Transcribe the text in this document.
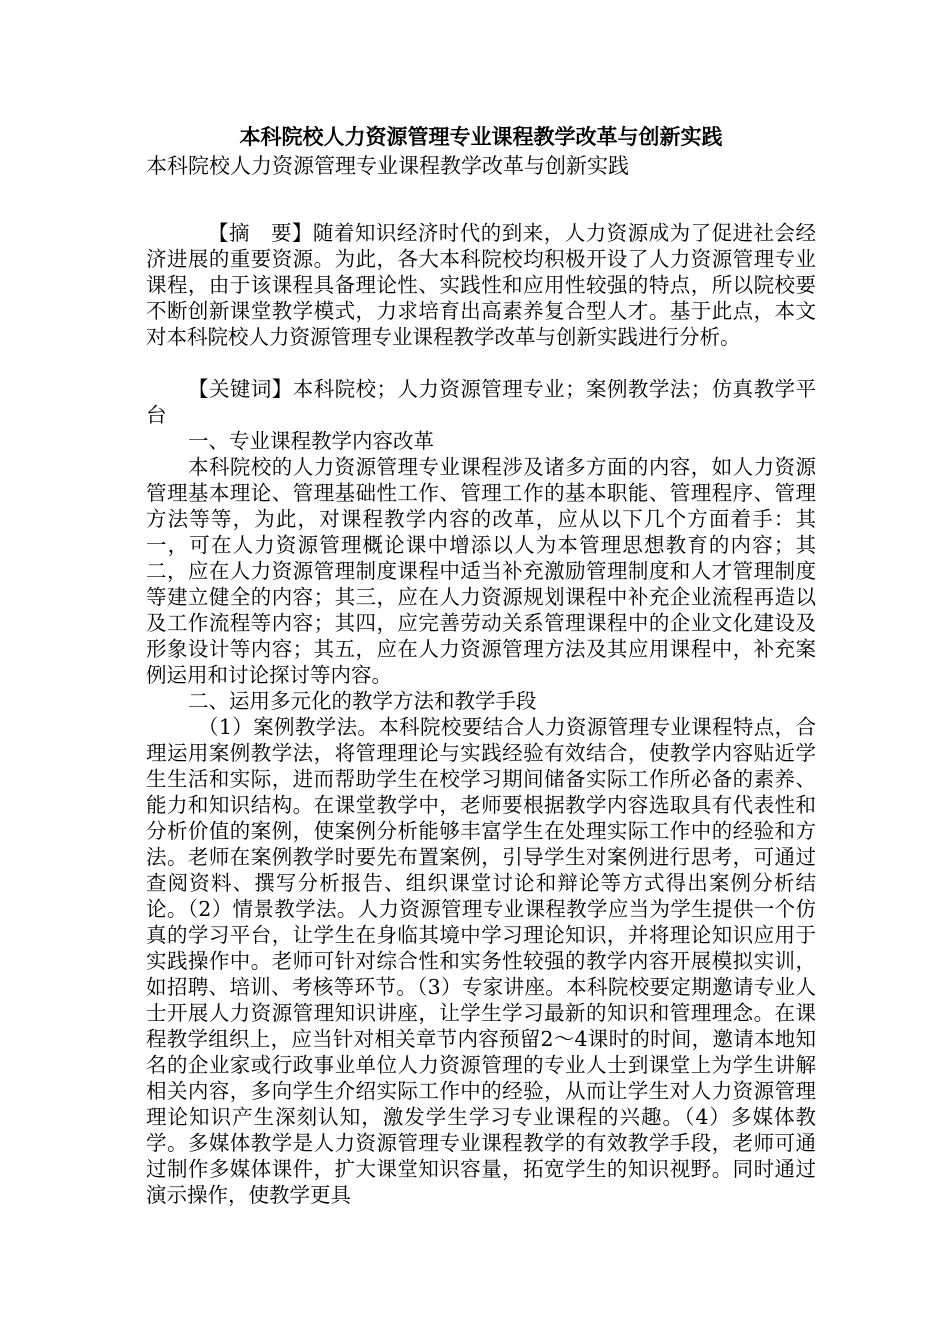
本科院校人力资源管理专业课程教学改革与创新实践

本科院校人力资源管理专业课程教学改革与创新实践

【摘　要】随着知识经济时代的到来，人力资源成为了促进社会经济进展的重要资源。为此，各大本科院校均积极开设了人力资源管理专业课程，由于该课程具备理论性、实践性和应用性较强的特点，所以院校要不断创新课堂教学模式，力求培育出高素养复合型人才。基于此点，本文对本科院校人力资源管理专业课程教学改革与创新实践进行分析。

【关键词】本科院校；人力资源管理专业；案例教学法；仿真教学平台

一、专业课程教学内容改革

本科院校的人力资源管理专业课程涉及诸多方面的内容，如人力资源管理基本理论、管理基础性工作、管理工作的基本职能、管理程序、管理方法等等，为此，对课程教学内容的改革，应从以下几个方面着手：其一，可在人力资源管理概论课中增添以人为本管理思想教育的内容；其二，应在人力资源管理制度课程中适当补充激励管理制度和人才管理制度等建立健全的内容；其三，应在人力资源规划课程中补充企业流程再造以及工作流程等内容；其四，应完善劳动关系管理课程中的企业文化建设及形象设计等内容；其五，应在人力资源管理方法及其应用课程中，补充案例运用和讨论探讨等内容。

二、运用多元化的教学方法和教学手段

（1）案例教学法。本科院校要结合人力资源管理专业课程特点，合理运用案例教学法，将管理理论与实践经验有效结合，使教学内容贴近学生生活和实际，进而帮助学生在校学习期间储备实际工作所必备的素养、能力和知识结构。在课堂教学中，老师要根据教学内容选取具有代表性和分析价值的案例，使案例分析能够丰富学生在处理实际工作中的经验和方法。老师在案例教学时要先布置案例，引导学生对案例进行思考，可通过查阅资料、撰写分析报告、组织课堂讨论和辩论等方式得出案例分析结论。（2）情景教学法。人力资源管理专业课程教学应当为学生提供一个仿真的学习平台，让学生在身临其境中学习理论知识，并将理论知识应用于实践操作中。老师可针对综合性和实务性较强的教学内容开展模拟实训，如招聘、培训、考核等环节。（3）专家讲座。本科院校要定期邀请专业人士开展人力资源管理知识讲座，让学生学习最新的知识和管理理念。在课程教学组织上，应当针对相关章节内容预留2～4课时的时间，邀请本地知名的企业家或行政事业单位人力资源管理的专业人士到课堂上为学生讲解相关内容，多向学生介绍实际工作中的经验，从而让学生对人力资源管理理论知识产生深刻认知，激发学生学习专业课程的兴趣。（4）多媒体教学。多媒体教学是人力资源管理专业课程教学的有效教学手段，老师可通过制作多媒体课件，扩大课堂知识容量，拓宽学生的知识视野。同时通过演示操作，使教学更具
